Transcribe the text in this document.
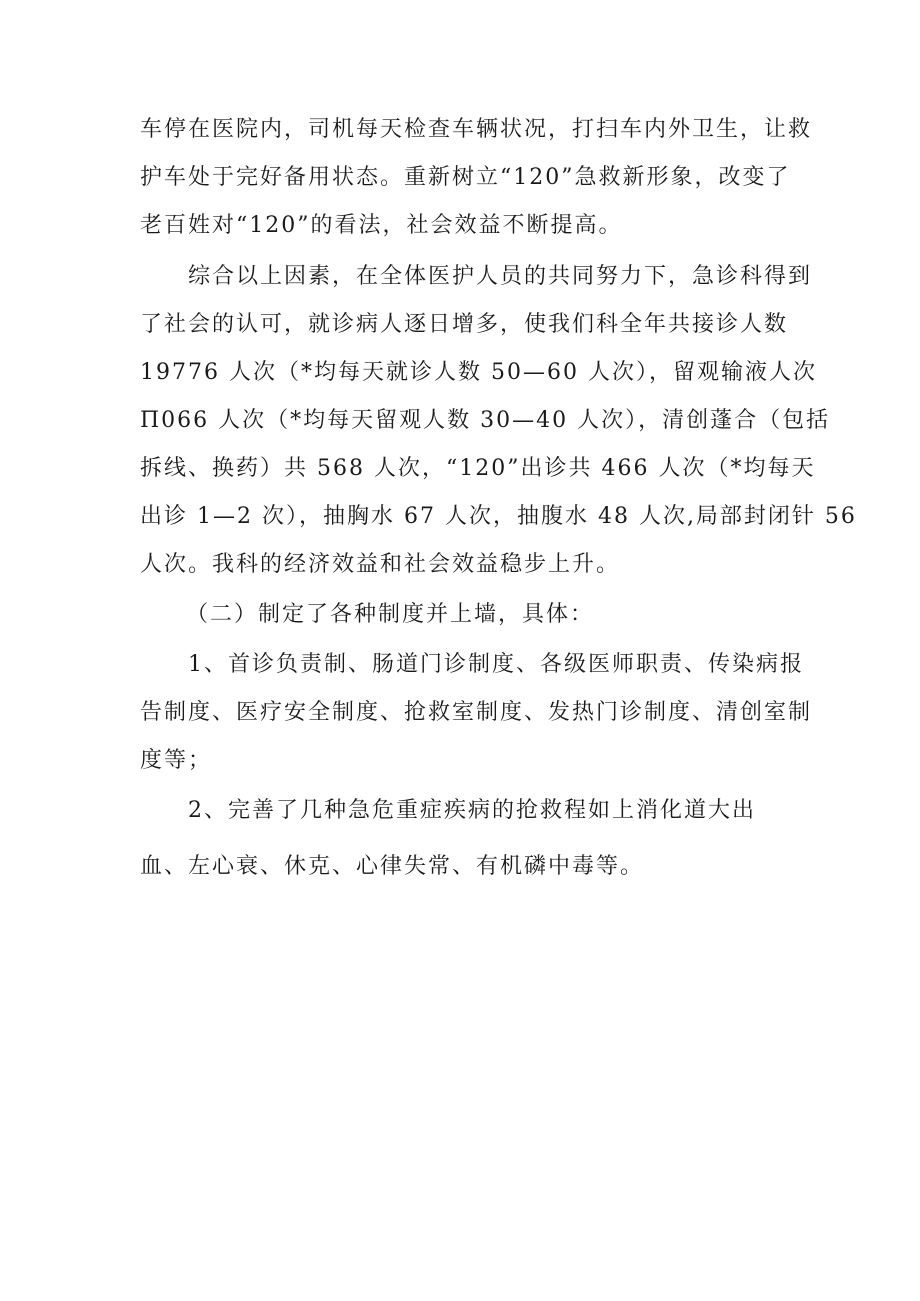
车停在医院内，司机每天检查车辆状况，打扫车内外卫生，让救
护车处于完好备用状态。重新树立“120”急救新形象，改变了
老百姓对“120”的看法，社会效益不断提高。
综合以上因素，在全体医护人员的共同努力下，急诊科得到
了社会的认可，就诊病人逐日增多，使我们科全年共接诊人数
19776 人次（*均每天就诊人数 50—60 人次），留观输液人次
Π066 人次（*均每天留观人数 30—40 人次），清创蓬合（包括
拆线、换药）共 568 人次，“120”出诊共 466 人次（*均每天
出诊 1—2 次），抽胸水 67 人次，抽腹水 48 人次,局部封闭针 56
人次。我科的经济效益和社会效益稳步上升。
（二）制定了各种制度并上墙，具体：
1、首诊负责制、肠道门诊制度、各级医师职责、传染病报
告制度、医疗安全制度、抢救室制度、发热门诊制度、清创室制
度等；
2、完善了几种急危重症疾病的抢救程如上消化道大出
血、左心衰、休克、心律失常、有机磷中毒等。
